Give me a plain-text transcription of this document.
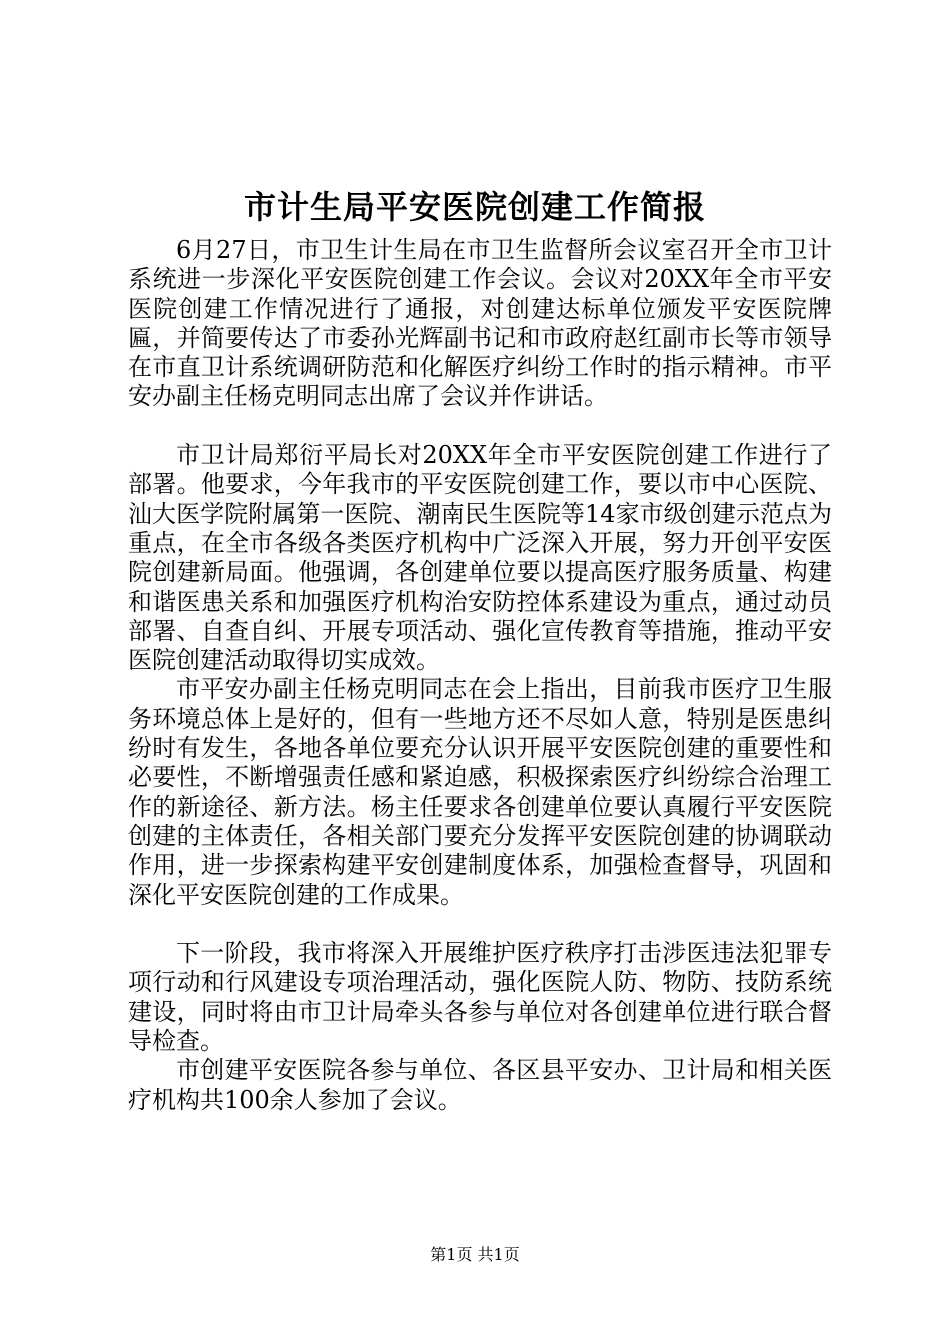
市计生局平安医院创建工作简报

6月27日，市卫生计生局在市卫生监督所会议室召开全市卫计系统进一步深化平安医院创建工作会议。会议对20XX年全市平安医院创建工作情况进行了通报，对创建达标单位颁发平安医院牌匾，并简要传达了市委孙光辉副书记和市政府赵红副市长等市领导在市直卫计系统调研防范和化解医疗纠纷工作时的指示精神。市平安办副主任杨克明同志出席了会议并作讲话。

市卫计局郑衍平局长对20XX年全市平安医院创建工作进行了部署。他要求，今年我市的平安医院创建工作，要以市中心医院、汕大医学院附属第一医院、潮南民生医院等14家市级创建示范点为重点，在全市各级各类医疗机构中广泛深入开展，努力开创平安医院创建新局面。他强调，各创建单位要以提高医疗服务质量、构建和谐医患关系和加强医疗机构治安防控体系建设为重点，通过动员部署、自查自纠、开展专项活动、强化宣传教育等措施，推动平安医院创建活动取得切实成效。

市平安办副主任杨克明同志在会上指出，目前我市医疗卫生服务环境总体上是好的，但有一些地方还不尽如人意，特别是医患纠纷时有发生，各地各单位要充分认识开展平安医院创建的重要性和必要性，不断增强责任感和紧迫感，积极探索医疗纠纷综合治理工作的新途径、新方法。杨主任要求各创建单位要认真履行平安医院创建的主体责任，各相关部门要充分发挥平安医院创建的协调联动作用，进一步探索构建平安创建制度体系，加强检查督导，巩固和深化平安医院创建的工作成果。

下一阶段，我市将深入开展维护医疗秩序打击涉医违法犯罪专项行动和行风建设专项治理活动，强化医院人防、物防、技防系统建设，同时将由市卫计局牵头各参与单位对各创建单位进行联合督导检查。

市创建平安医院各参与单位、各区县平安办、卫计局和相关医疗机构共100余人参加了会议。

第1页 共1页
